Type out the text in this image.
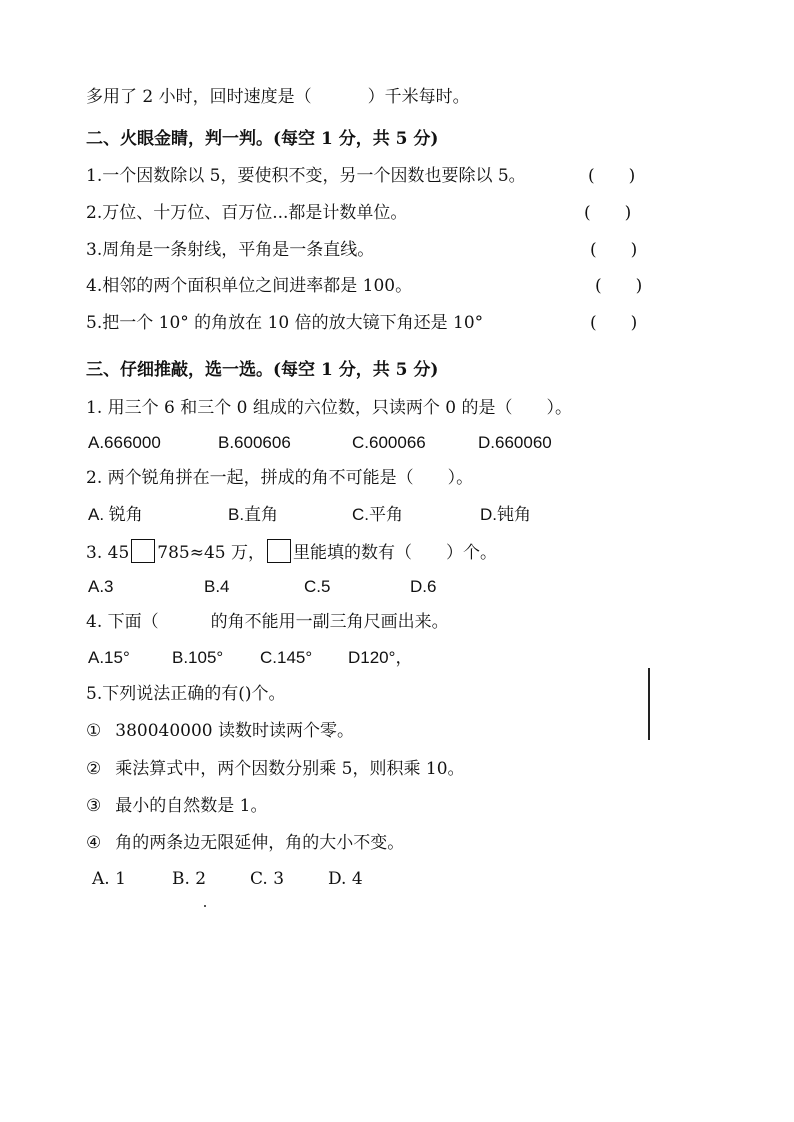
多用了 2 小时，回时速度是（	）千米每时。
二、火眼金睛，判一判。(每空 1 分，共 5 分)
1.一个因数除以 5，要使积不变，另一个因数也要除以 5。	(　　)
2.万位、十万位、百万位...都是计数单位。	(　　)
3.周角是一条射线，平角是一条直线。	(　　)
4.相邻的两个面积单位之间进率都是 100。	(　　)
5.把一个 10° 的角放在 10 倍的放大镜下角还是 10°	(　　)
三、仔细推敲，选一选。(每空 1 分，共 5 分)
1. 用三个 6 和三个 0 组成的六位数，只读两个 0 的是（　　）。
A.666000	B.600606	C.600066	D.660060
2. 两个锐角拼在一起，拼成的角不可能是（　　）。
A. 锐角	B.直角	C.平角	D.钝角
3. 45 785≈45 万， 里能填的数有（　　）个。
A.3	B.4	C.5	D.6
4. 下面（	的角不能用一副三角尺画出来。
A.15° B.105° C.145° D120°，
5.下列说法正确的有()个。
① 380040000 读数时读两个零。
② 乘法算式中，两个因数分别乘 5，则积乘 10。
③ 最小的自然数是 1。
④ 角的两条边无限延伸，角的大小不变。
A. 1	B. 2	C. 3	D. 4
